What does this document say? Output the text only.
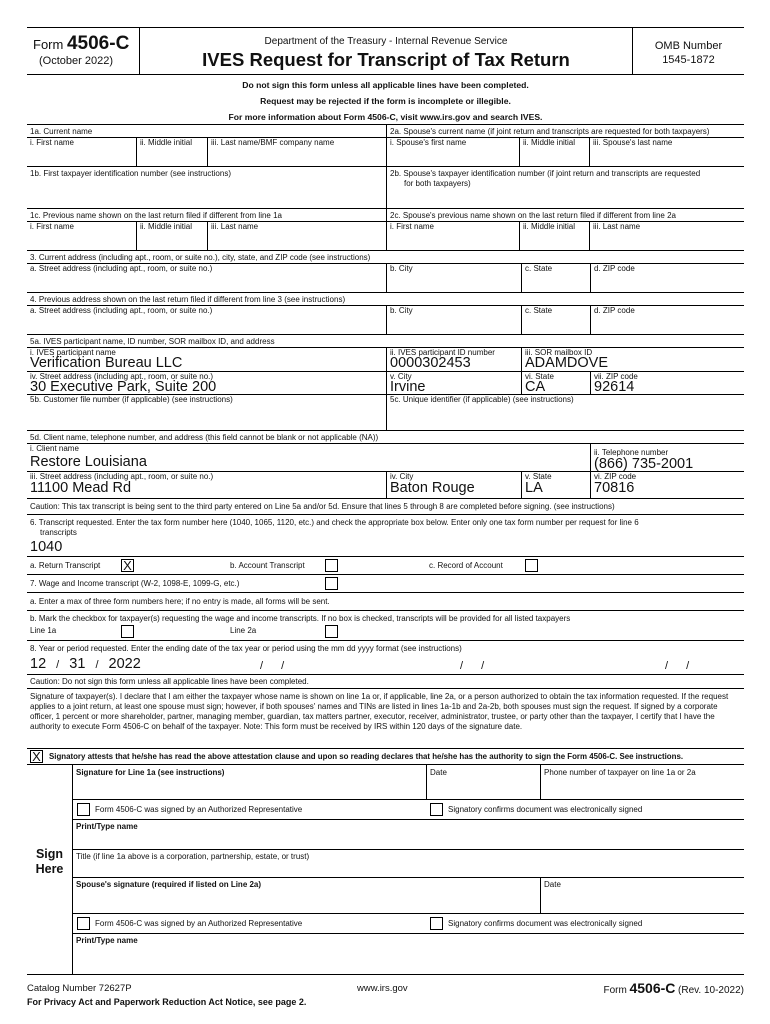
Form 4506-C
(October 2022)
Department of the Treasury - Internal Revenue Service
IVES Request for Transcript of Tax Return
OMB Number
1545-1872
Do not sign this form unless all applicable lines have been completed.
Request may be rejected if the form is incomplete or illegible.
For more information about Form 4506-C, visit www.irs.gov and search IVES.
1a. Current name
i. First name	ii. Middle initial iii. Last name/BMF company name
2a. Spouse's current name (if joint return and transcripts are requested for both taxpayers)
i. Spouse's first name	ii. Middle initial iii. Spouse's last name
1b. First taxpayer identification number (see instructions)	2b. Spouse's taxpayer identification number (if joint return and transcripts are requested
for both taxpayers)
1c. Previous name shown on the last return filed if different from line 1a
i. First name	ii. Middle initial iii. Last name
2c. Spouse's previous name shown on the last return filed if different from line 2a
i. First name	ii. Middle initial iii. Last name
3. Current address (including apt., room, or suite no.), city, state, and ZIP code (see instructions)
a. Street address (including apt., room, or suite no.)	b. City	c. State	d. ZIP code
4. Previous address shown on the last return filed if different from line 3 (see instructions)
a. Street address (including apt., room, or suite no.)	b. City	c. State	d. ZIP code
5a. IVES participant name, ID number, SOR mailbox ID, and address
i. IVES participant name
Verification Bureau LLC
ii. IVES participant ID number
0000302453
iii. SOR mailbox ID
ADAMDOVE
iv. Street address (including apt., room, or suite no.)
30 Executive Park, Suite 200
v. City
Irvine
vi. State
CA
vii. ZIP code
92614
5b. Customer file number (if applicable) (see instructions)	5c. Unique identifier (if applicable) (see instructions)
5d. Client name, telephone number, and address (this field cannot be blank or not applicable (NA))
i. Client name
Restore Louisiana
ii. Telephone number
(866) 735-2001
iii. Street address (including apt., room, or suite no.)
11100 Mead Rd
iv. City
Baton Rouge
v. State
LA
vi. ZIP code
70816
Caution: This tax transcript is being sent to the third party entered on Line 5a and/or 5d. Ensure that lines 5 through 8 are completed before signing. (see instructions)
6. Transcript requested. Enter the tax form number here (1040, 1065, 1120, etc.) and check the appropriate box below. Enter only one tax form number per request for line 6
transcripts
1040
a. Return Transcript X	b. Account Transcript	c. Record of Account
7. Wage and Income transcript (W-2, 1098-E, 1099-G, etc.)
a. Enter a max of three form numbers here; if no entry is made, all forms will be sent.
b. Mark the checkbox for taxpayer(s) requesting the wage and income transcripts. If no box is checked, transcripts will be provided for all listed taxpayers
Line 1a	Line 2a
8. Year or period requested. Enter the ending date of the tax year or period using the mm dd yyyy format (see instructions)
12 / 31 / 2022	/ /	/ /	/ /
Caution: Do not sign this form unless all applicable lines have been completed.
Signature of taxpayer(s). I declare that I am either the taxpayer whose name is shown on line 1a or, if applicable, line 2a, or a person authorized to obtain the tax information requested. If the request applies to a joint return, at least one spouse must sign; however, if both spouses' names and TINs are listed in lines 1a-1b and 2a-2b, both spouses must sign the request. If signed by a corporate officer, 1 percent or more shareholder, partner, managing member, guardian, tax matters partner, executor, receiver, administrator, trustee, or party other than the taxpayer, I certify that I have the authority to execute Form 4506-C on behalf of the taxpayer. Note: This form must be received by IRS within 120 days of the signature date.
X Signatory attests that he/she has read the above attestation clause and upon so reading declares that he/she has the authority to sign the Form 4506-C. See instructions.
Sign
Here
Signature for Line 1a (see instructions)	Date	Phone number of taxpayer on line 1a or 2a
Form 4506-C was signed by an Authorized Representative	Signatory confirms document was electronically signed
Print/Type name
Title (if line 1a above is a corporation, partnership, estate, or trust)
Spouse's signature (required if listed on Line 2a)	Date
Form 4506-C was signed by an Authorized Representative	Signatory confirms document was electronically signed
Print/Type name
Catalog Number 72627P	www.irs.gov	Form 4506-C (Rev. 10-2022)
For Privacy Act and Paperwork Reduction Act Notice, see page 2.
